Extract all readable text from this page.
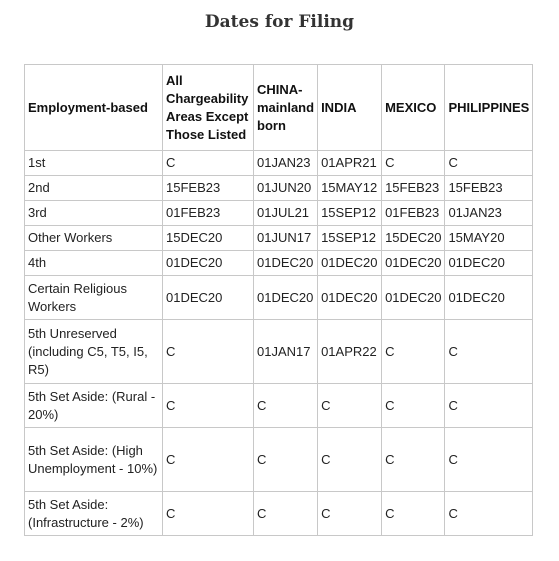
Dates for Filing
Employment-based	All Chargeability Areas Except Those Listed	CHINA-mainland born	INDIA	MEXICO	PHILIPPINES
1st	C	01JAN23	01APR21	C	C
2nd	15FEB23	01JUN20	15MAY12	15FEB23	15FEB23
3rd	01FEB23	01JUL21	15SEP12	01FEB23	01JAN23
Other Workers	15DEC20	01JUN17	15SEP12	15DEC20	15MAY20
4th	01DEC20	01DEC20	01DEC20	01DEC20	01DEC20
Certain Religious Workers	01DEC20	01DEC20	01DEC20	01DEC20	01DEC20
5th Unreserved (including C5, T5, I5, R5)	C	01JAN17	01APR22	C	C
5th Set Aside: (Rural - 20%)	C	C	C	C	C
5th Set Aside: (High Unemployment - 10%)	C	C	C	C	C
5th Set Aside: (Infrastructure - 2%)	C	C	C	C	C
